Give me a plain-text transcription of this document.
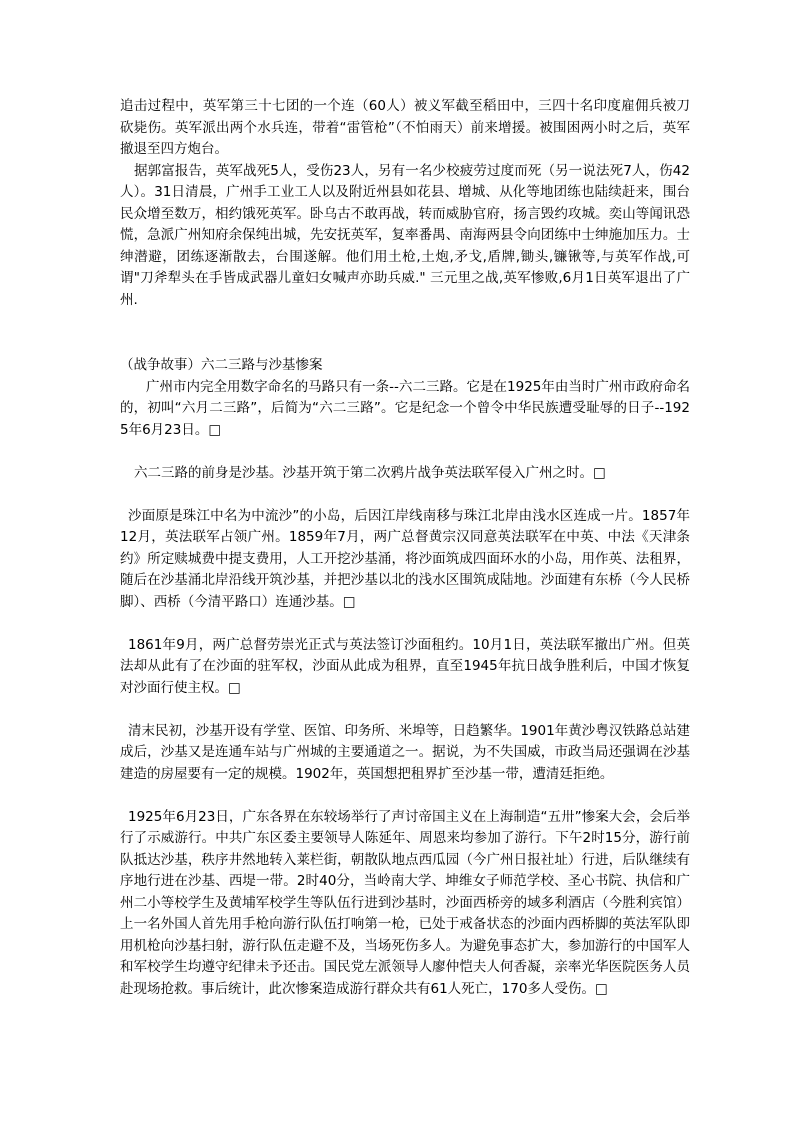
追击过程中，英军第三十七团的一个连（60人）被义军截至稻田中，三四十名印度雇佣兵被刀砍毙伤。英军派出两个水兵连，带着“雷管枪”（不怕雨天）前来增援。被围困两小时之后，英军撤退至四方炮台。

据郭富报告，英军战死5人，受伤23人，另有一名少校疲劳过度而死（另一说法死7人，伤42人）。31日清晨，广州手工业工人以及附近州县如花县、增城、从化等地团练也陆续赶来，围台民众增至数万，相约饿死英军。卧乌古不敢再战，转而威胁官府，扬言毁约攻城。奕山等闻讯恐慌，急派广州知府余保纯出城，先安抚英军，复率番禺、南海两县令向团练中士绅施加压力。士绅潜避，团练逐渐散去，台围遂解。他们用土枪,土炮,矛戈,盾牌,锄头,镰锹等,与英军作战,可谓"刀斧犁头在手皆成武器儿童妇女喊声亦助兵威." 三元里之战,英军惨败,6月1日英军退出了广州.

（战争故事）六二三路与沙基惨案

广州市内完全用数字命名的马路只有一条--六二三路。它是在1925年由当时广州市政府命名的，初叫“六月二三路”，后简为“六二三路”。它是纪念一个曾令中华民族遭受耻辱的日子--1925年6月23日。□

六二三路的前身是沙基。沙基开筑于第二次鸦片战争英法联军侵入广州之时。□

沙面原是珠江中名为中流沙”的小岛，后因江岸线南移与珠江北岸由浅水区连成一片。1857年12月，英法联军占领广州。1859年7月，两广总督黄宗汉同意英法联军在中英、中法《天津条约》所定赎城费中提支费用，人工开挖沙基涌，将沙面筑成四面环水的小岛，用作英、法租界，随后在沙基涌北岸沿线开筑沙基，并把沙基以北的浅水区围筑成陆地。沙面建有东桥（今人民桥脚）、西桥（今清平路口）连通沙基。□

1861年9月，两广总督劳崇光正式与英法签订沙面租约。10月1日，英法联军撤出广州。但英法却从此有了在沙面的驻军权，沙面从此成为租界，直至1945年抗日战争胜利后，中国才恢复对沙面行使主权。□

清末民初，沙基开设有学堂、医馆、印务所、米埠等，日趋繁华。1901年黄沙粤汉铁路总站建成后，沙基又是连通车站与广州城的主要通道之一。据说，为不失国威，市政当局还强调在沙基建造的房屋要有一定的规模。1902年，英国想把租界扩至沙基一带，遭清廷拒绝。

1925年6月23日，广东各界在东较场举行了声讨帝国主义在上海制造“五卅”惨案大会，会后举行了示威游行。中共广东区委主要领导人陈延年、周恩来均参加了游行。下午2时15分，游行前队抵达沙基，秩序井然地转入莱栏街，朝散队地点西瓜园（今广州日报社址）行进，后队继续有序地行进在沙基、西堤一带。2时40分，当岭南大学、坤维女子师范学校、圣心书院、执信和广州二小等校学生及黄埔军校学生等队伍行进到沙基时，沙面西桥旁的域多利酒店（今胜利宾馆）上一名外国人首先用手枪向游行队伍打响第一枪，已处于戒备状态的沙面内西桥脚的英法军队即用机枪向沙基扫射，游行队伍走避不及，当场死伤多人。为避免事态扩大，参加游行的中国军人和军校学生均遵守纪律未予还击。国民党左派领导人廖仲恺夫人何香凝，亲率光华医院医务人员赴现场抢救。事后统计，此次惨案造成游行群众共有61人死亡，170多人受伤。□
